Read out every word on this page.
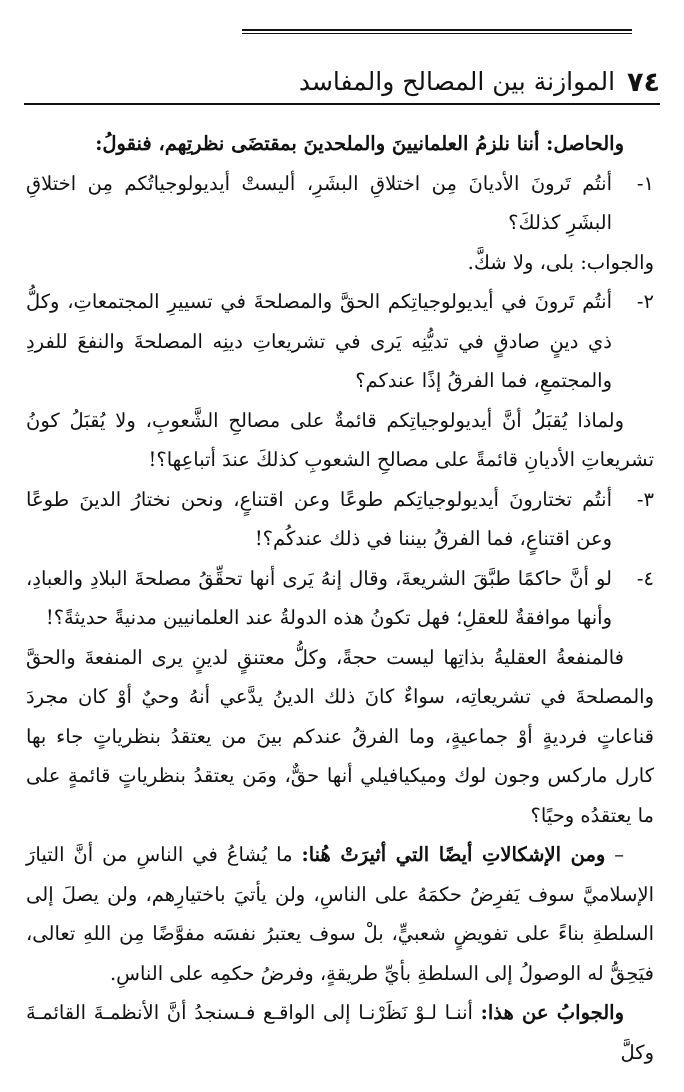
٧٤
الموازنة بين المصالح والمفاسد

والحاصل: أننا نلزمُ العلمانيينَ والملحدينَ بمقتضَى نظرتِهم، فنقولُ:

١-
أنتُم تَرونَ الأديانَ مِن اختلاقِ البشَرِ، أليستْ أيديولوجياتُكم مِن اختلاقِ البشَرِ كذلكَ؟

والجواب: بلى، ولا شكَّ.

٢-
أنتُم تَرونَ في أيديولوجياتِكم الحقَّ والمصلحةَ في تسييرِ المجتمعاتِ، وكلُّ ذي دينٍ صادقٍ في تديُّنِه يَرى في تشريعاتِ دينِه المصلحةَ والنفعَ للفردِ والمجتمعِ، فما الفرقُ إذًا عندكم؟

ولماذا يُقبَلُ أنَّ أيديولوجياتِكم قائمةٌ على مصالحِ الشَّعوبِ، ولا يُقبَلُ كونُ تشريعاتِ الأديانِ قائمةً على مصالحِ الشعوبِ كذلكَ عندَ أتباعِها؟!

٣-
أنتُم تختارونَ أيديولوجياتِكم طوعًا وعن اقتناعٍ، ونحن نختارُ الدينَ طوعًا وعن اقتناعٍ، فما الفرقُ بيننا في ذلك عندكُم؟!
٤-
لو أنَّ حاكمًا طبَّقَ الشريعةَ، وقال إنهُ يَرى أنها تحقِّقُ مصلحةَ البلادِ والعبادِ، وأنها موافقةٌ للعقلِ؛ فهل تكونُ هذه الدولةُ عند العلمانيين مدنيةً حديثةً؟!

فالمنفعةُ العقليةُ بذاتِها ليست حجةً، وكلُّ معتنقٍ لدينٍ يرى المنفعةَ والحقَّ والمصلحةَ في تشريعاتِه، سواءٌ كانَ ذلك الدينُ يدَّعي أنهُ وحيٌ أوْ كان مجردَ قناعاتٍ فرديةٍ أوْ جماعيةٍ، وما الفرقُ عندكم بينَ من يعتقدُ بنظرياتٍ جاء بها كارل ماركس وجون لوك وميكيافيلي أنها حقٌّ، ومَن يعتقدُ بنظرياتٍ قائمةٍ على ما يعتقدُه وحيًا؟

– ومن الإشكالاتِ أيضًا التي أثيرَتْ هُنا: ما يُشاعُ في الناسِ من أنَّ التيارَ الإسلاميَّ سوف يَفرِضُ حكمَهُ على الناسِ، ولن يأتيَ باختيارِهم، ولن يصلَ إلى السلطةِ بناءً على تفويضٍ شعبيٍّ، بلْ سوف يعتبرُ نفسَه مفوَّضًا مِن اللهِ تعالى، فيَحِقُّ له الوصولُ إلى السلطةِ بأيِّ طريقةٍ، وفرضُ حكمِه على الناسِ.

والجوابُ عن هذا: أننـا لـوْ نَظَرْنـا إلى الواقـع فـسنجدُ أنَّ الأنظمـةَ القائمـةَ وكلَّ
